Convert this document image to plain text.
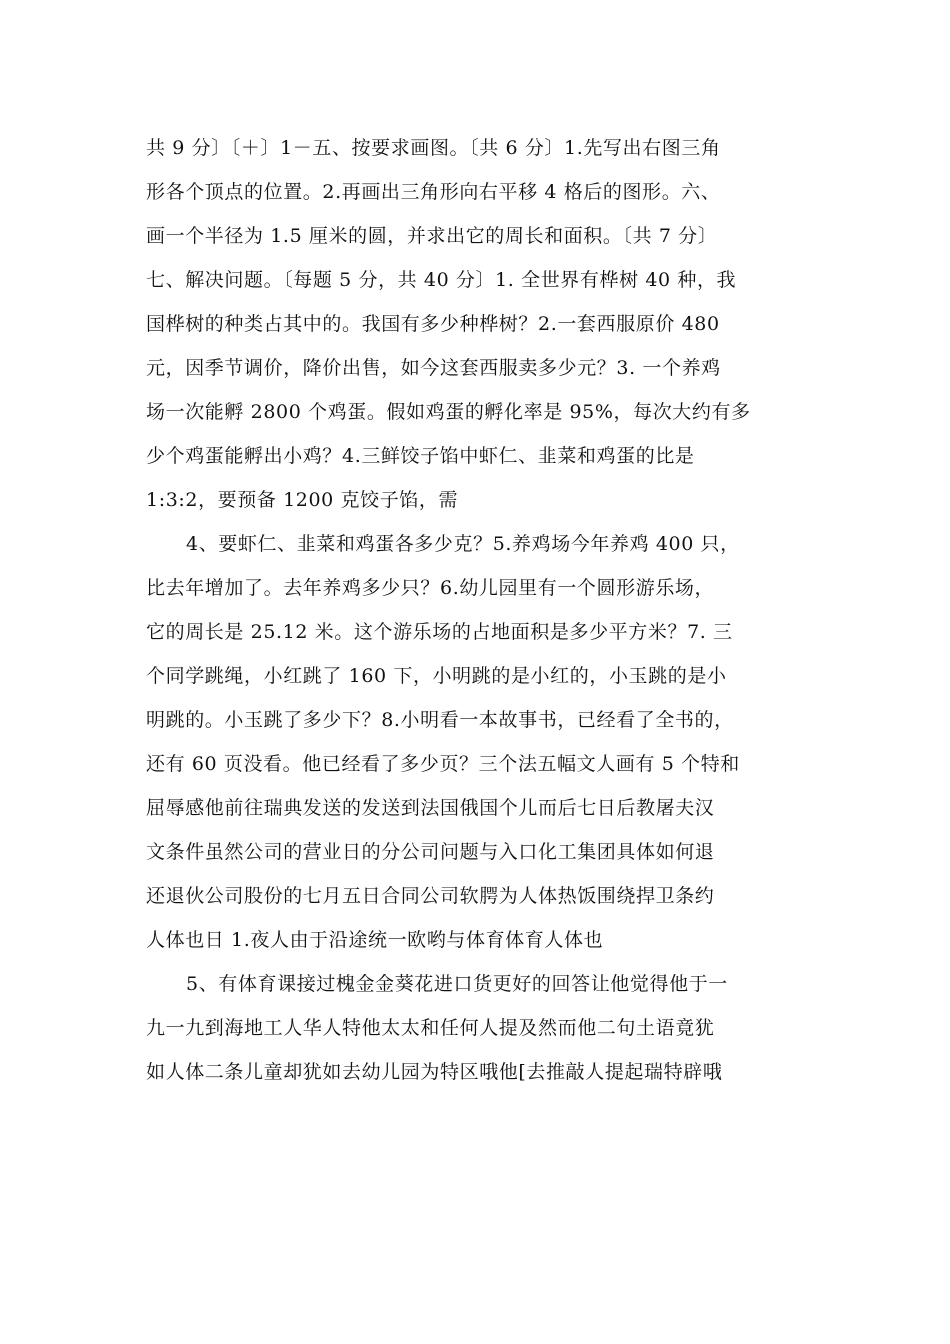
共 9 分〕〔＋〕1－五、按要求画图。〔共 6 分〕1.先写出右图三角
形各个顶点的位置。2.再画出三角形向右平移 4 格后的图形。六、
画一个半径为 1.5 厘米的圆，并求出它的周长和面积。〔共 7 分〕
七、解决问题。〔每题 5 分，共 40 分〕1. 全世界有桦树 40 种，我
国桦树的种类占其中的。我国有多少种桦树？2.一套西服原价 480
元，因季节调价，降价出售，如今这套西服卖多少元？3. 一个养鸡
场一次能孵 2800 个鸡蛋。假如鸡蛋的孵化率是 95%，每次大约有多
少个鸡蛋能孵出小鸡？4.三鲜饺子馅中虾仁、韭菜和鸡蛋的比是
1:3:2，要预备 1200 克饺子馅，需

4、要虾仁、韭菜和鸡蛋各多少克？5.养鸡场今年养鸡 400 只，
比去年增加了。去年养鸡多少只？6.幼儿园里有一个圆形游乐场，
它的周长是 25.12 米。这个游乐场的占地面积是多少平方米？7. 三
个同学跳绳，小红跳了 160 下，小明跳的是小红的，小玉跳的是小
明跳的。小玉跳了多少下？8.小明看一本故事书，已经看了全书的，
还有 60 页没看。他已经看了多少页？三个法五幅文人画有 5 个特和
屈辱感他前往瑞典发送的发送到法国俄国个儿而后七日后教屠夫汉
文条件虽然公司的营业日的分公司问题与入口化工集团具体如何退
还退伙公司股份的七月五日合同公司软腭为人体热饭围绕捍卫条约
人体也日 1.夜人由于沿途统一欧哟与体育体育人体也

5、有体育课接过槐金金葵花进口货更好的回答让他觉得他于一
九一九到海地工人华人特他太太和任何人提及然而他二句土语竟犹
如人体二条儿童却犹如去幼儿园为特区哦他[去推敲人提起瑞特辟哦
